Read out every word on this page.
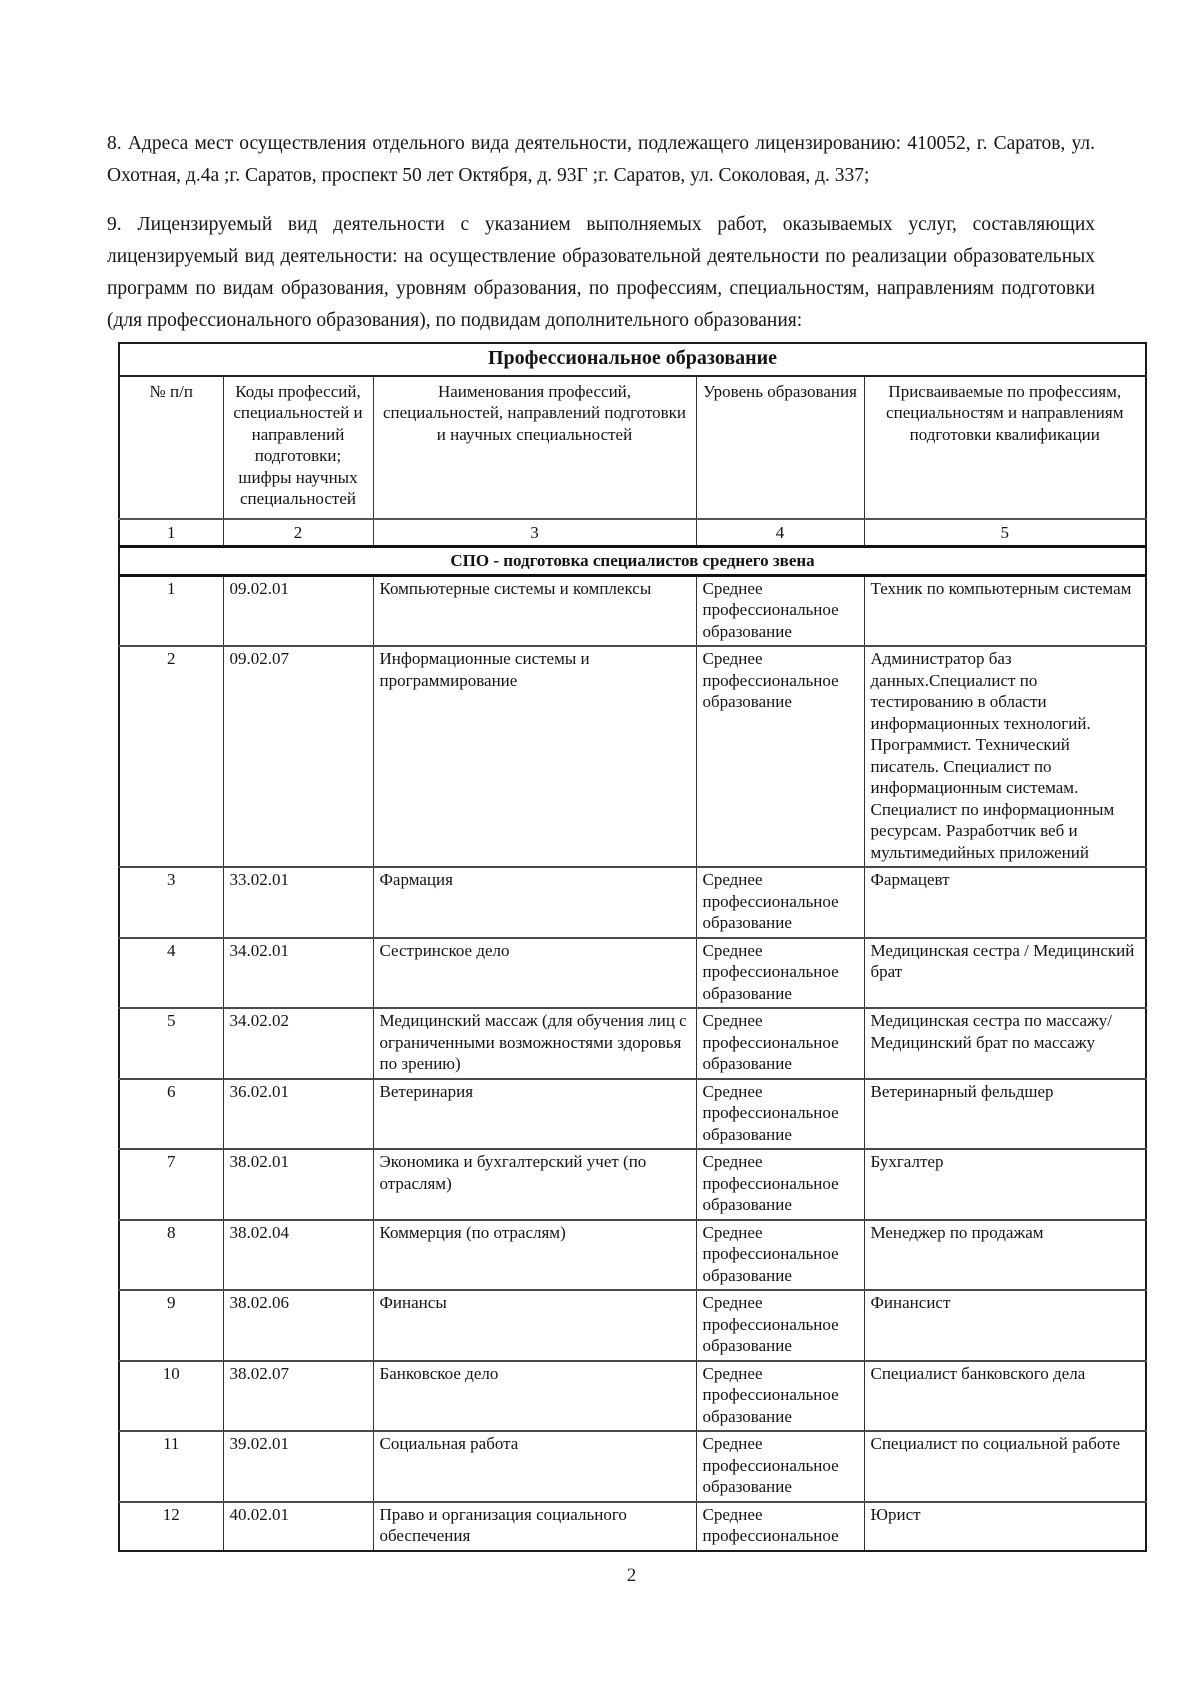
8. Адреса мест осуществления отдельного вида деятельности, подлежащего лицензированию: 410052, г. Саратов, ул. Охотная, д.4а ;г. Саратов, проспект 50 лет Октября, д. 93Г ;г. Саратов, ул. Соколовая, д. 337;

9. Лицензируемый вид деятельности с указанием выполняемых работ, оказываемых услуг, составляющих лицензируемый вид деятельности: на осуществление образовательной деятельности по реализации образовательных программ по видам образования, уровням образования, по профессиям, специальностям, направлениям подготовки (для профессионального образования), по подвидам дополнительного образования:

Профессиональное образование				
№ п/п	Коды профессий, специальностей и направлений подготовки; шифры научных специальностей	Наименования профессий, специальностей, направлений подготовки и научных специальностей	Уровень образования	Присваиваемые по профессиям, специальностям и направлениям подготовки квалификации
1	2	3	4	5
СПО - подготовка специалистов среднего звена				
1	09.02.01	Компьютерные системы и комплексы	Среднее профессиональное образование	Техник по компьютерным системам
2	09.02.07	Информационные системы и программирование	Среднее профессиональное образование	Администратор баз данных.Специалист по тестированию в области информационных технологий. Программист. Технический писатель. Специалист по информационным системам. Специалист по информационным ресурсам. Разработчик веб и мультимедийных приложений
3	33.02.01	Фармация	Среднее профессиональное образование	Фармацевт
4	34.02.01	Сестринское дело	Среднее профессиональное образование	Медицинская сестра / Медицинский брат
5	34.02.02	Медицинский массаж (для обучения лиц с ограниченными возможностями здоровья по зрению)	Среднее профессиональное образование	Медицинская сестра по массажу/Медицинский брат по массажу
6	36.02.01	Ветеринария	Среднее профессиональное образование	Ветеринарный фельдшер
7	38.02.01	Экономика и бухгалтерский учет (по отраслям)	Среднее профессиональное образование	Бухгалтер
8	38.02.04	Коммерция (по отраслям)	Среднее профессиональное образование	Менеджер по продажам
9	38.02.06	Финансы	Среднее профессиональное образование	Финансист
10	38.02.07	Банковское дело	Среднее профессиональное образование	Специалист банковского дела
11	39.02.01	Социальная работа	Среднее профессиональное образование	Специалист по социальной работе
12	40.02.01	Право и организация социального обеспечения	Среднее профессиональное	Юрист
2
